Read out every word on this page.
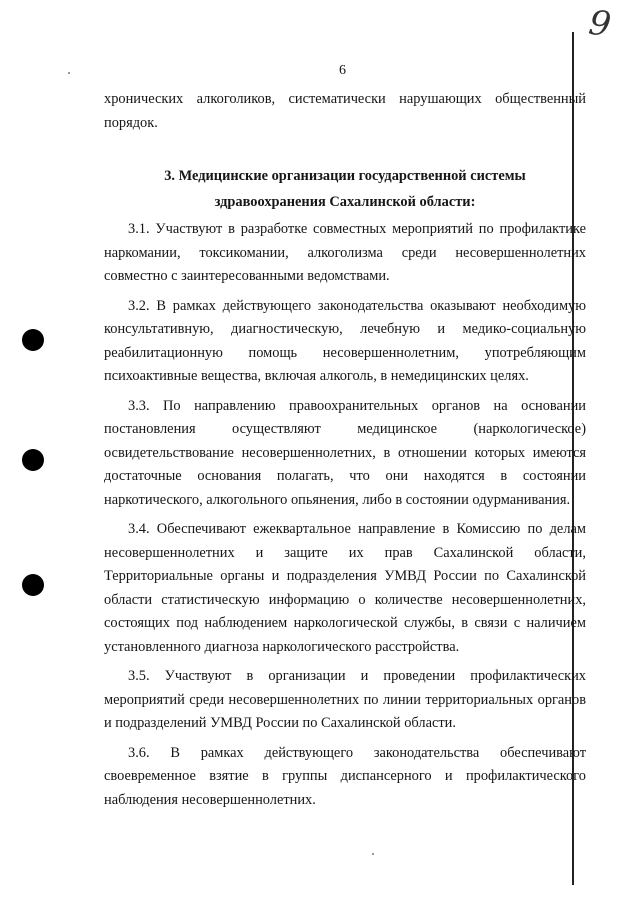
9
6

хронических алкоголиков, систематически нарушающих общественный порядок.

3. Медицинские организации государственной системы
здравоохранения Сахалинской области:

3.1. Участвуют в разработке совместных мероприятий по профилактике наркомании, токсикомании, алкоголизма среди несовершеннолетних совместно с заинтересованными ведомствами.

3.2. В рамках действующего законодательства оказывают необходимую консультативную, диагностическую, лечебную и медико-социальную реабилитационную помощь несовершеннолетним, употребляющим психоактивные вещества, включая алкоголь, в немедицинских целях.

3.3. По направлению правоохранительных органов на основании постановления осуществляют медицинское (наркологическое) освидетельствование несовершеннолетних, в отношении которых имеются достаточные основания полагать, что они находятся в состоянии наркотического, алкогольного опьянения, либо в состоянии одурманивания.

3.4. Обеспечивают ежеквартальное направление в Комиссию по делам несовершеннолетних и защите их прав Сахалинской области, Территориальные органы и подразделения УМВД России по Сахалинской области статистическую информацию о количестве несовершеннолетних, состоящих под наблюдением наркологической службы, в связи с наличием установленного диагноза наркологического расстройства.

3.5. Участвуют в организации и проведении профилактических мероприятий среди несовершеннолетних по линии территориальных органов и подразделений УМВД России по Сахалинской области.

3.6. В рамках действующего законодательства обеспечивают своевременное взятие в группы диспансерного и профилактического наблюдения несовершеннолетних.
